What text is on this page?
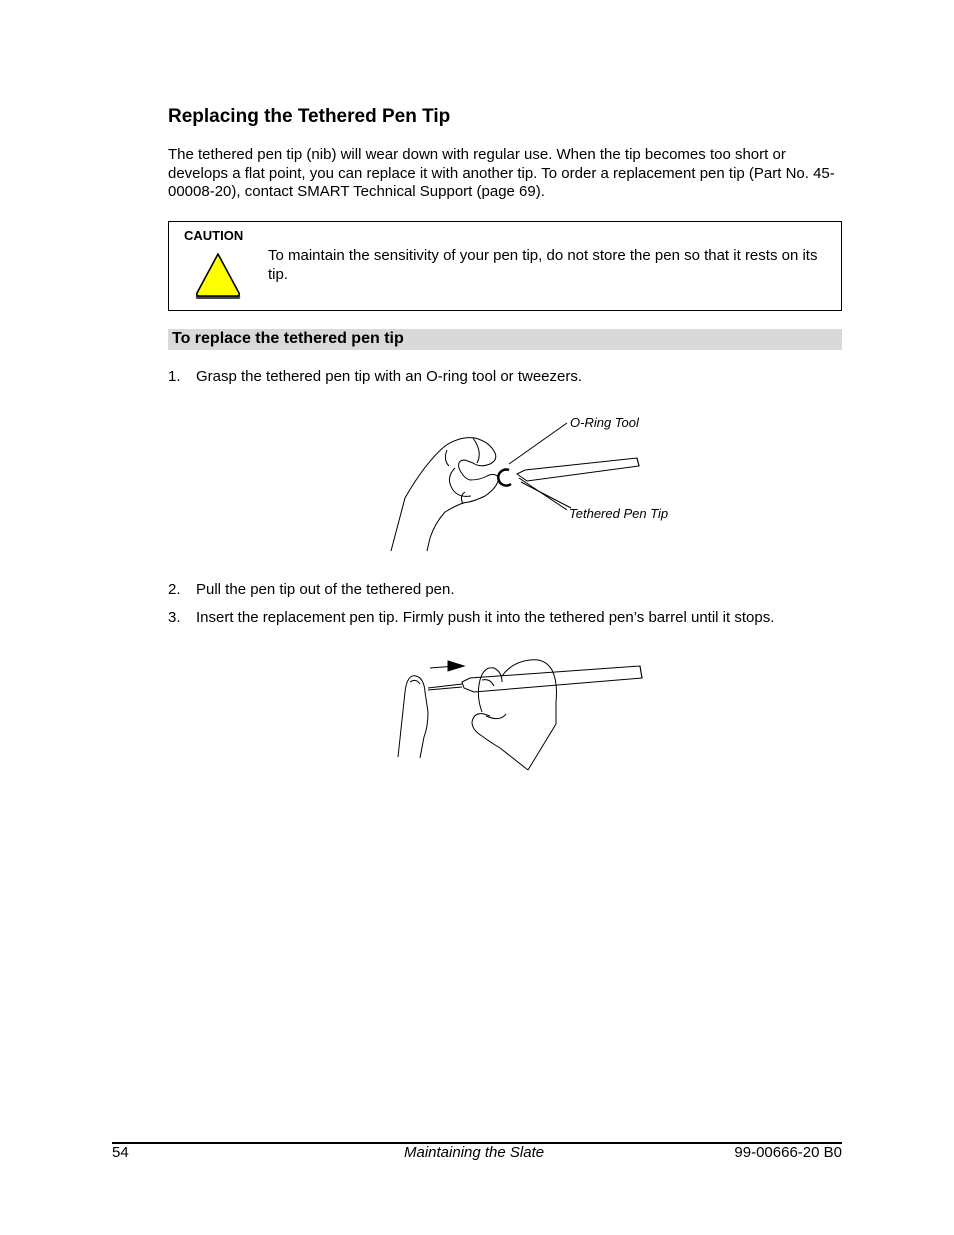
Replacing the Tethered Pen Tip
The tethered pen tip (nib) will wear down with regular use. When the tip becomes too short or develops a flat point, you can replace it with another tip. To order a replacement pen tip (Part No. 45-00008-20), contact SMART Technical Support (page 69).
CAUTION
To maintain the sensitivity of your pen tip, do not store the pen so that it rests on its tip.
To replace the tethered pen tip
1.	Grasp the tethered pen tip with an O-ring tool or tweezers.
O-Ring Tool
Tethered Pen Tip
2.	Pull the pen tip out of the tethered pen.
3.	Insert the replacement pen tip. Firmly push it into the tethered pen’s barrel until it stops.
54	Maintaining the Slate	99-00666-20 B0
